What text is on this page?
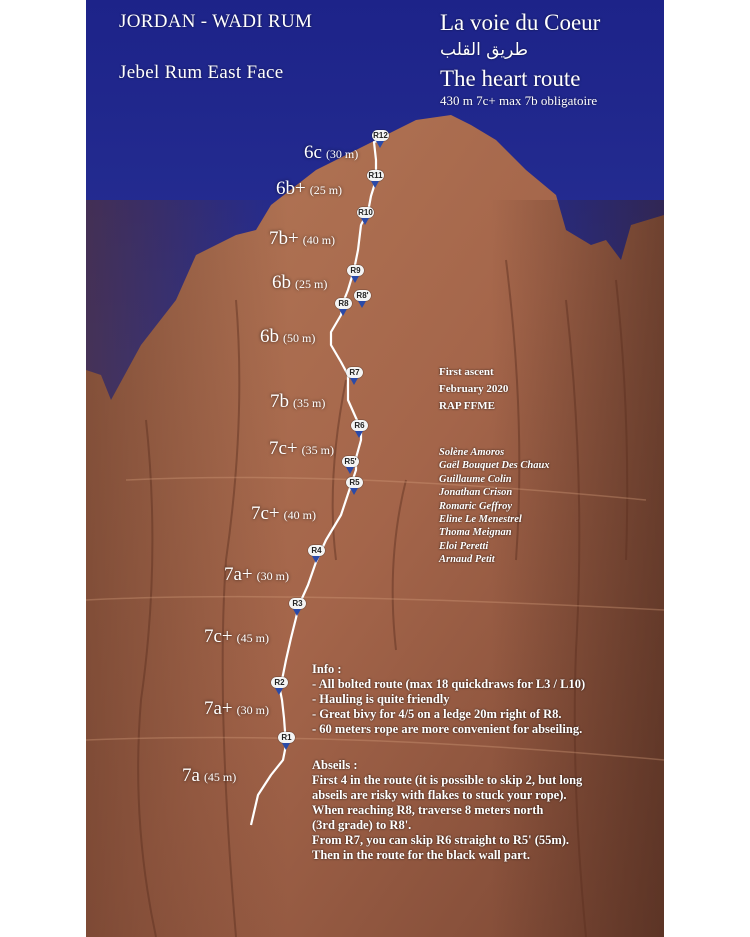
JORDAN - WADI RUM
Jebel Rum East Face
La voie du Coeur
طريق القلب
The heart route
430 m 7c+ max 7b obligatoire
6c (30 m)
6b+ (25 m)
7b+ (40 m)
6b (25 m)
6b (50 m)
7b (35 m)
7c+ (35 m)
7c+ (40 m)
7a+ (30 m)
7c+ (45 m)
7a+ (30 m)
7a (45 m)
R12
R11
R10
R9
R8'
R8
R7
R6
R5'
R5
R4
R3
R2
R1
First ascent
February 2020
RAP FFME
Solène Amoros
Gaël Bouquet Des Chaux
Guillaume Colin
Jonathan Crison
Romaric Geffroy
Eline Le Menestrel
Thoma Meignan
Eloi Peretti
Arnaud Petit
Info :
- All bolted route (max 18 quickdraws for L3 / L10)
- Hauling is quite friendly
- Great bivy for 4/5 on a ledge 20m right of R8.
- 60 meters rope are more convenient for abseiling.
Abseils :
First 4 in the route (it is possible to skip 2, but long
abseils are risky with flakes to stuck your rope).
When reaching R8, traverse 8 meters north
(3rd grade) to R8'.
From R7, you can skip R6 straight to R5' (55m).
Then in the route for the black wall part.
